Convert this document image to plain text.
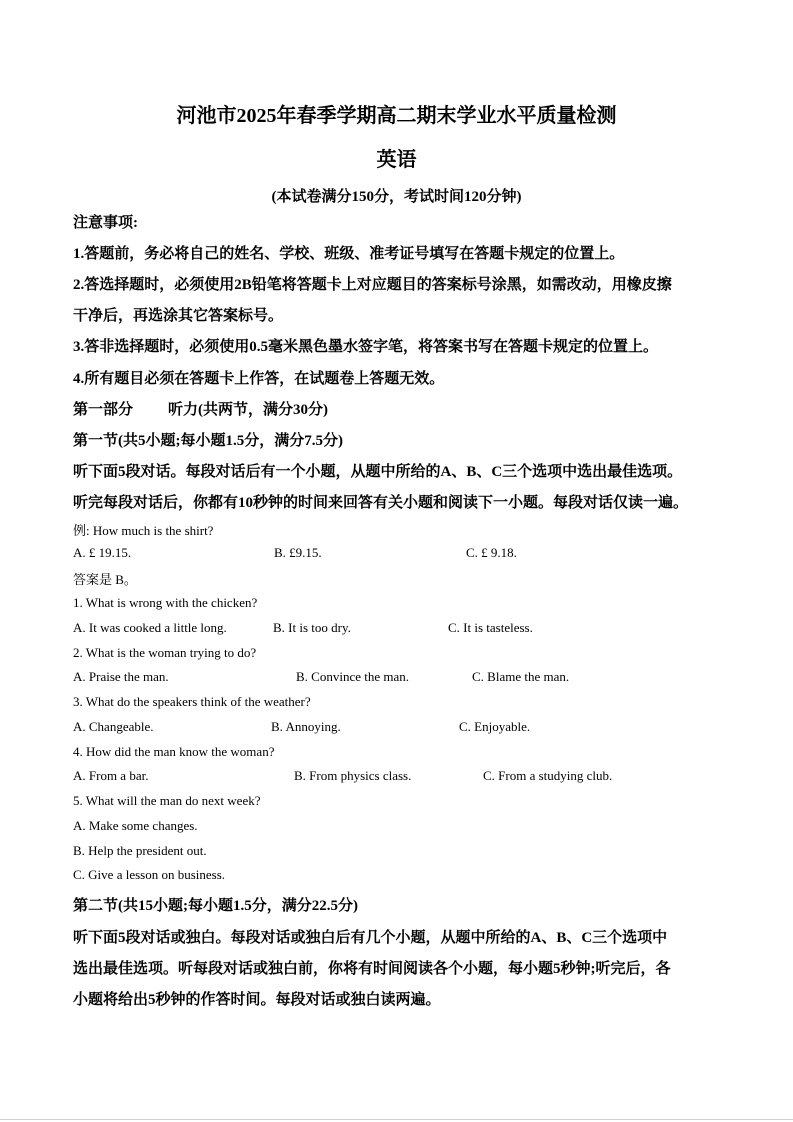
河池市2025年春季学期高二期末学业水平质量检测
英语
(本试卷满分150分，考试时间120分钟)
注意事项:
1.答题前，务必将自己的姓名、学校、班级、准考证号填写在答题卡规定的位置上。
2.答选择题时，必须使用2B铅笔将答题卡上对应题目的答案标号涂黑，如需改动，用橡皮擦
干净后，再选涂其它答案标号。
3.答非选择题时，必须使用0.5毫米黑色墨水签字笔，将答案书写在答题卡规定的位置上。
4.所有题目必须在答题卡上作答，在试题卷上答题无效。
第一部分 听力(共两节，满分30分)
第一节(共5小题;每小题1.5分，满分7.5分)
听下面5段对话。每段对话后有一个小题，从题中所给的A、B、C三个选项中选出最佳选项。
听完每段对话后，你都有10秒钟的时间来回答有关小题和阅读下一小题。每段对话仅读一遍。
例: How much is the shirt?
A. £ 19.15.	B. £9.15.	C. £ 9.18.
答案是 B。
1. What is wrong with the chicken?
A. It was cooked a little long.	B. It is too dry.	C. It is tasteless.
2. What is the woman trying to do?
A. Praise the man.	B. Convince the man.	C. Blame the man.
3. What do the speakers think of the weather?
A. Changeable.	B. Annoying.	C. Enjoyable.
4. How did the man know the woman?
A. From a bar.	B. From physics class.	C. From a studying club.
5. What will the man do next week?
A. Make some changes.
B. Help the president out.
C. Give a lesson on business.
第二节(共15小题;每小题1.5分，满分22.5分)
听下面5段对话或独白。每段对话或独白后有几个小题，从题中所给的A、B、C三个选项中
选出最佳选项。听每段对话或独白前，你将有时间阅读各个小题，每小题5秒钟;听完后，各
小题将给出5秒钟的作答时间。每段对话或独白读两遍。
